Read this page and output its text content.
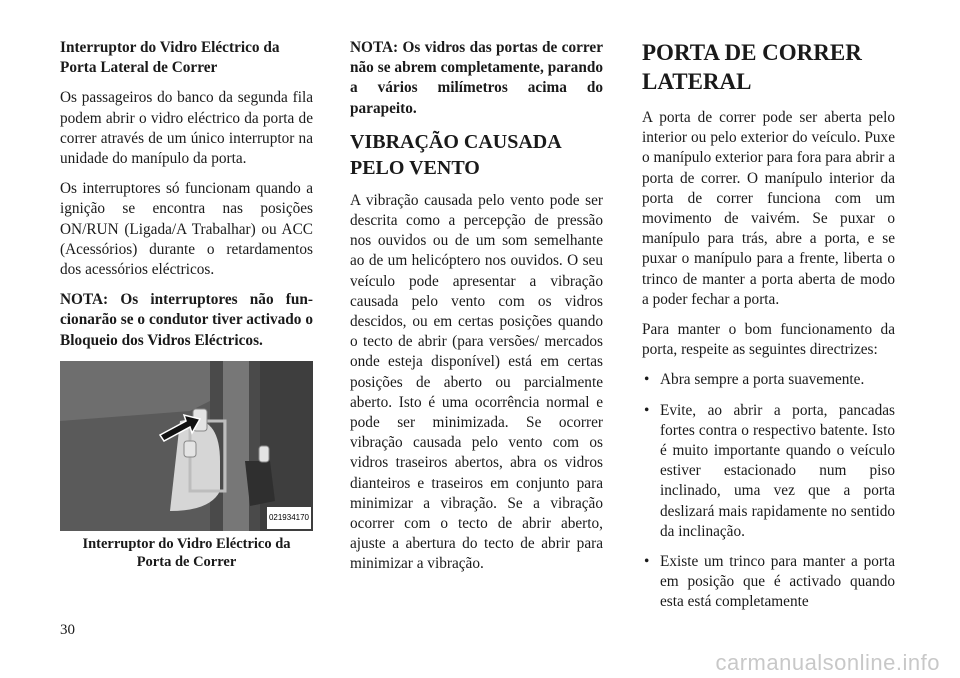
Interruptor do Vidro Eléctrico da Porta Lateral de Correr

Os passageiros do banco da segunda fila podem abrir o vidro eléctrico da porta de correr através de um único interruptor na unidade do manípulo da porta.

Os interruptores só funcionam quando a ignição se encontra nas posições ON/RUN (Ligada/A Trabalhar) ou ACC (Acessórios) durante o retardamentos dos acessórios eléctricos.

NOTA: Os interruptores não funcionarão se o condutor tiver activado o Bloqueio dos Vidros Eléctricos.

021934170
Interruptor do Vidro Eléctrico da
Porta de Correr

NOTA: Os vidros das portas de correr não se abrem completamente, parando a vários milímetros acima do parapeito.

VIBRAÇÃO CAUSADA PELO VENTO

A vibração causada pelo vento pode ser descrita como a percepção de pressão nos ouvidos ou de um som semelhante ao de um helicóptero nos ouvidos. O seu veículo pode apresentar a vibração causada pelo vento com os vidros descidos, ou em certas posições quando o tecto de abrir (para versões/ mercados onde esteja disponível) está em certas posições de aberto ou parcialmente aberto. Isto é uma ocorrência normal e pode ser minimizada. Se ocorrer vibração causada pelo vento com os vidros traseiros abertos, abra os vidros dianteiros e traseiros em conjunto para minimizar a vibração. Se a vibração ocorrer com o tecto de abrir aberto, ajuste a abertura do tecto de abrir para minimizar a vibração.

PORTA DE CORRER LATERAL

A porta de correr pode ser aberta pelo interior ou pelo exterior do veículo. Puxe o manípulo exterior para fora para abrir a porta de correr. O manípulo interior da porta de correr funciona com um movimento de vaivém. Se puxar o manípulo para trás, abre a porta, e se puxar o manípulo para a frente, liberta o trinco de manter a porta aberta de modo a poder fechar a porta.

Para manter o bom funcionamento da porta, respeite as seguintes directrizes:

• Abra sempre a porta suavemente.
• Evite, ao abrir a porta, pancadas fortes contra o respectivo batente. Isto é muito importante quando o veículo estiver estacionado num piso inclinado, uma vez que a porta deslizará mais rapidamente no sentido da inclinação.
• Existe um trinco para manter a porta em posição que é activado quando esta está completamente
30
carmanualsonline.info
